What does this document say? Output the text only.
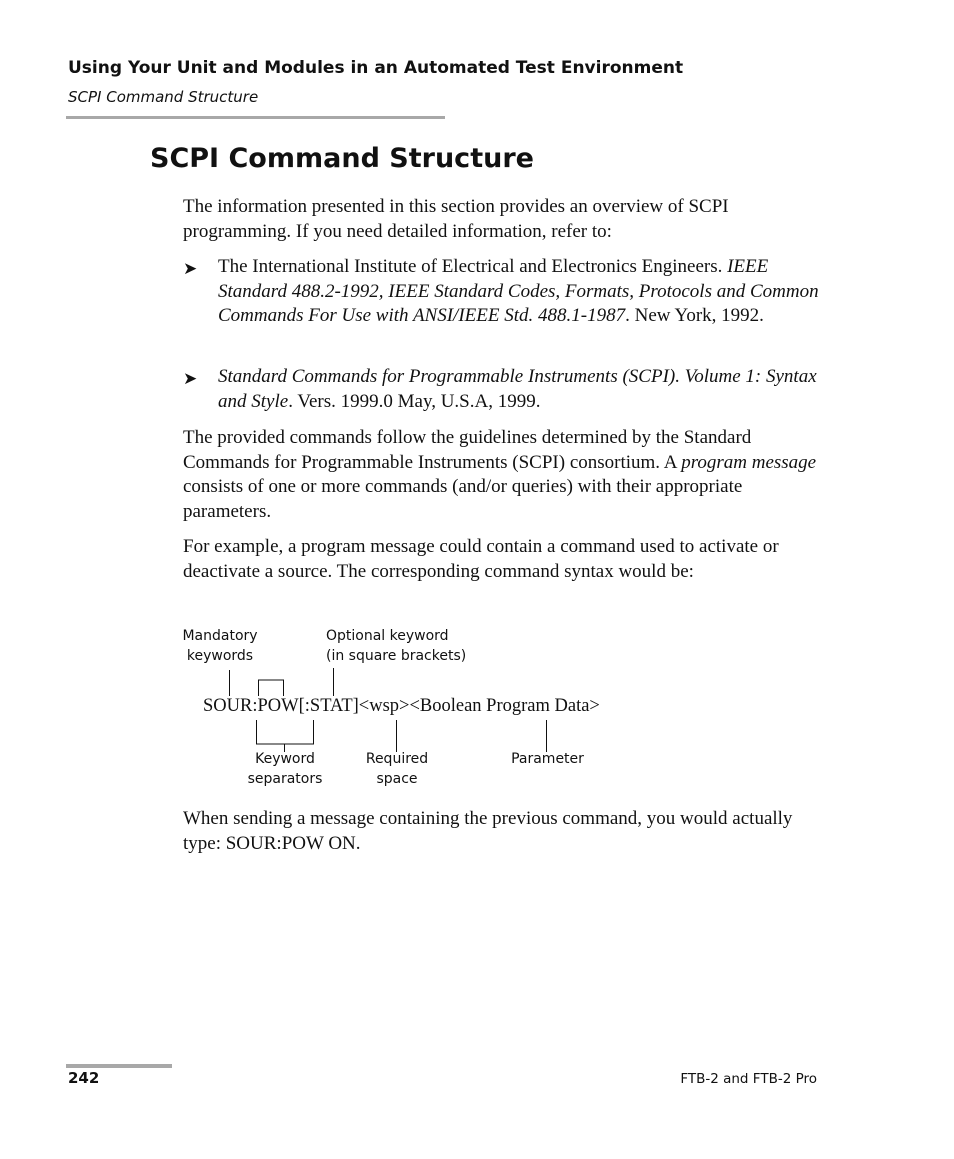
Using Your Unit and Modules in an Automated Test Environment
SCPI Command Structure
SCPI Command Structure

The information presented in this section provides an overview of SCPI programming. If you need detailed information, refer to:

➤ The International Institute of Electrical and Electronics Engineers. IEEE Standard 488.2-1992, IEEE Standard Codes, Formats, Protocols and Common Commands For Use with ANSI/IEEE Std. 488.1-1987. New York, 1992.

➤ Standard Commands for Programmable Instruments (SCPI). Volume 1: Syntax and Style. Vers. 1999.0 May, U.S.A, 1999.

The provided commands follow the guidelines determined by the Standard Commands for Programmable Instruments (SCPI) consortium. A program message consists of one or more commands (and/or queries) with their appropriate parameters.

For example, a program message could contain a command used to activate or deactivate a source. The corresponding command syntax would be:

Mandatory
keywords
Optional keyword
(in square brackets)
SOUR:POW[:STAT]<wsp><Boolean Program Data>
Keyword
separators
Required
space
Parameter

When sending a message containing the previous command, you would actually type: SOUR:POW ON.

242	FTB-2 and FTB-2 Pro
